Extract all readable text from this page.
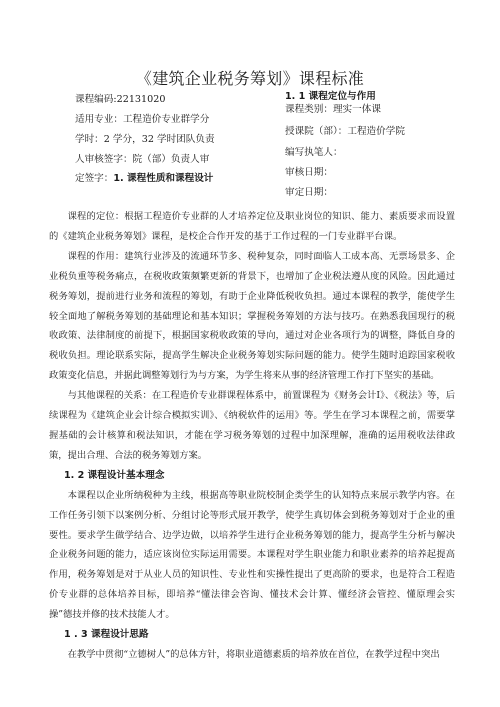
《建筑企业税务筹划》课程标准
课程编码:22131020
适用专业：工程造价专业群学分
学时：2 学分，32 学时团队负责
人审核签字：院（部）负责人审
定签字：1. 课程性质和课程设计
1. 1 课程定位与作用
课程类别：理实一体课
授课院（部）：工程造价学院
编写执笔人：
审核日期：
审定日期：

课程的定位：根据工程造价专业群的人才培养定位及职业岗位的知识、能力、素质要求而设置的《建筑企业税务筹划》课程，是校企合作开发的基于工作过程的一门专业群平台课。

课程的作用：建筑行业涉及的流通环节多、税种复杂，同时面临人工成本高、无票场景多、企业税负重等税务痛点，在税收政策频繁更新的背景下，也增加了企业税法遵从度的风险。因此通过税务筹划，提前进行业务和流程的筹划，有助于企业降低税收负担。通过本课程的教学，能使学生较全面地了解税务筹划的基础理论和基本知识；掌握税务筹划的方法与技巧。在熟悉我国现行的税收政策、法律制度的前提下，根据国家税收政策的导向，通过对企业各项行为的调整，降低自身的税收负担。理论联系实际，提高学生解决企业税务筹划实际问题的能力。使学生随时追踪国家税收政策变化信息，并据此调整筹划行为与方案，为学生将来从事的经济管理工作打下坚实的基础。

与其他课程的关系：在工程造价专业群课程体系中，前置课程为《财务会计Ⅰ》、《税法》等，后续课程为《建筑企业会计综合模拟实训》、《纳税软件的运用》等。学生在学习本课程之前，需要掌握基础的会计核算和税法知识，才能在学习税务筹划的过程中加深理解，准确的运用税收法律政策，提出合理、合法的税务筹划方案。

1. 2 课程设计基本理念

本课程以企业所纳税种为主线，根据高等职业院校制企类学生的认知特点来展示教学内容。在工作任务引领下以案例分析、分组讨论等形式展开教学，使学生真切体会到税务筹划对于企业的重要性。要求学生做学结合、边学边做，以培养学生进行企业税务筹划的能力，提高学生分析与解决企业税务问题的能力，适应该岗位实际运用需要。本课程对学生职业能力和职业素养的培养起提高作用，税务筹划是对于从业人员的知识性、专业性和实操性提出了更高阶的要求，也是符合工程造价专业群的总体培养目标，即培养“懂法律会咨询、懂技术会计算、懂经济会管控、懂原理会实操”德技并修的技术技能人才。

1 . 3 课程设计思路

在教学中贯彻“立德树人”的总体方针，将职业道德素质的培养放在首位，在教学过程中突出
